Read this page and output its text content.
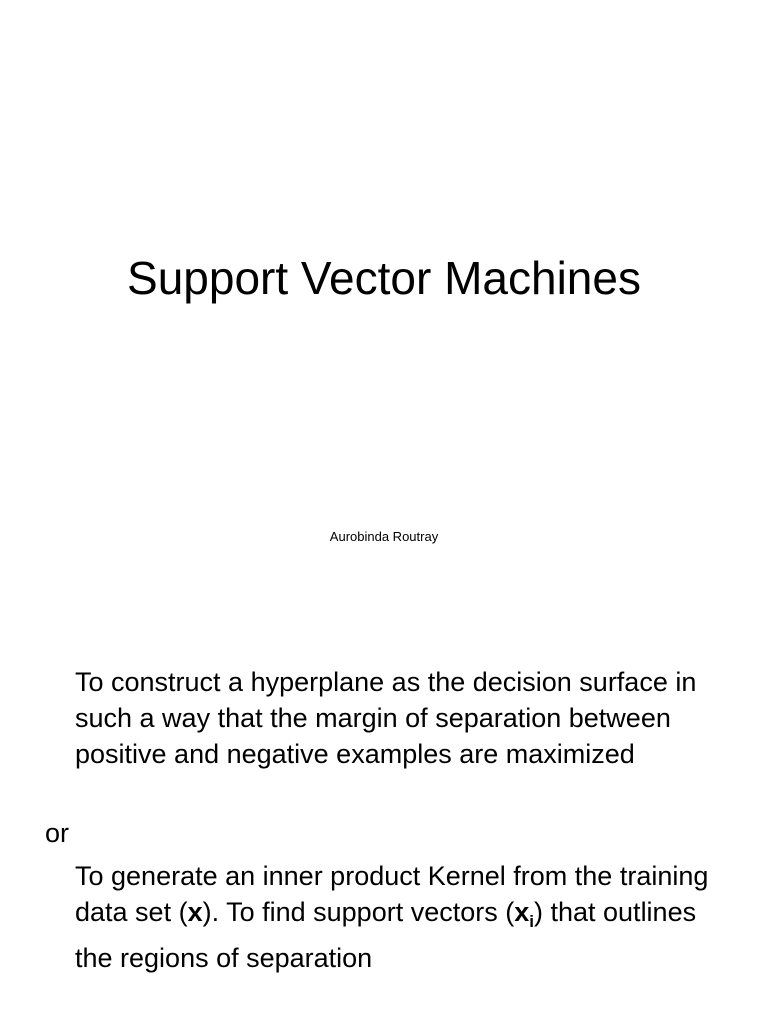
Support Vector Machines
Aurobinda Routray
To construct a hyperplane as the decision surface in such a way that the margin of separation between positive and negative examples are maximized
or
To generate an inner product Kernel from the training data set (x). To find support vectors $(x_i)$ that outlines the regions of separation
